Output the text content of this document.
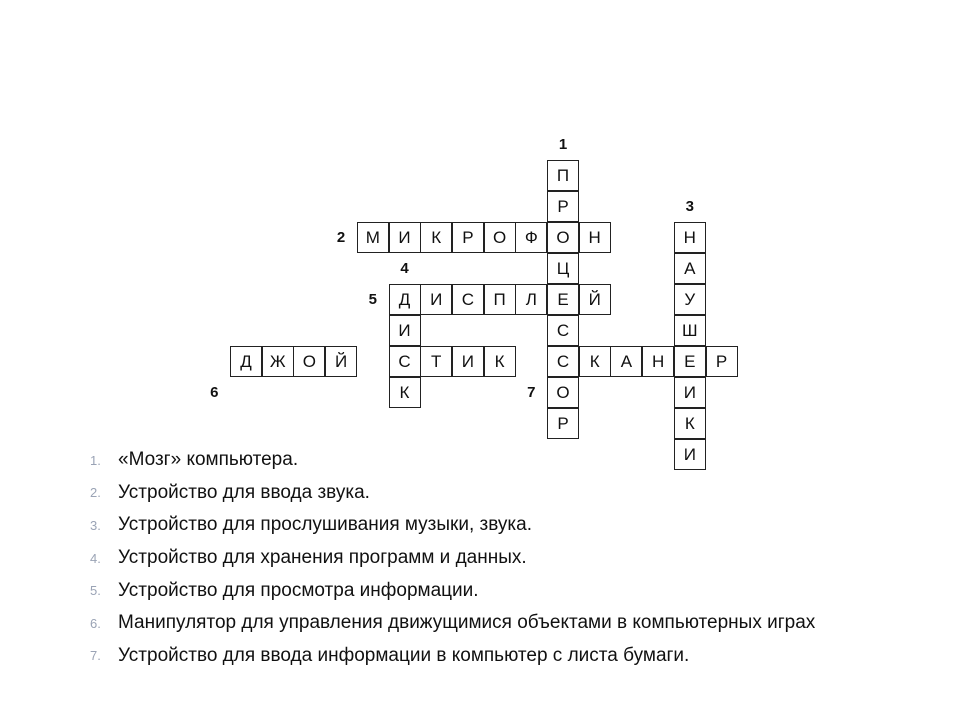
П
Р
М	И	К	Р	О	Ф	О	Н	Н
Ц	А
Д	И	С	П	Л	Е	Й	У
И	С	Ш
Д	Ж	О	Й	С	Т	И	К	С	К	А	Н	Е	Р
К	О	И
Р	К
И
1
3
2
4
5
6	7
1. «Мозг» компьютера.
2. Устройство для ввода звука.
3. Устройство для прослушивания музыки, звука.
4. Устройство для хранения программ и данных.
5. Устройство для просмотра информации.
6. Манипулятор для управления движущимися объектами в компьютерных играх
7. Устройство для ввода информации в компьютер с листа бумаги.
